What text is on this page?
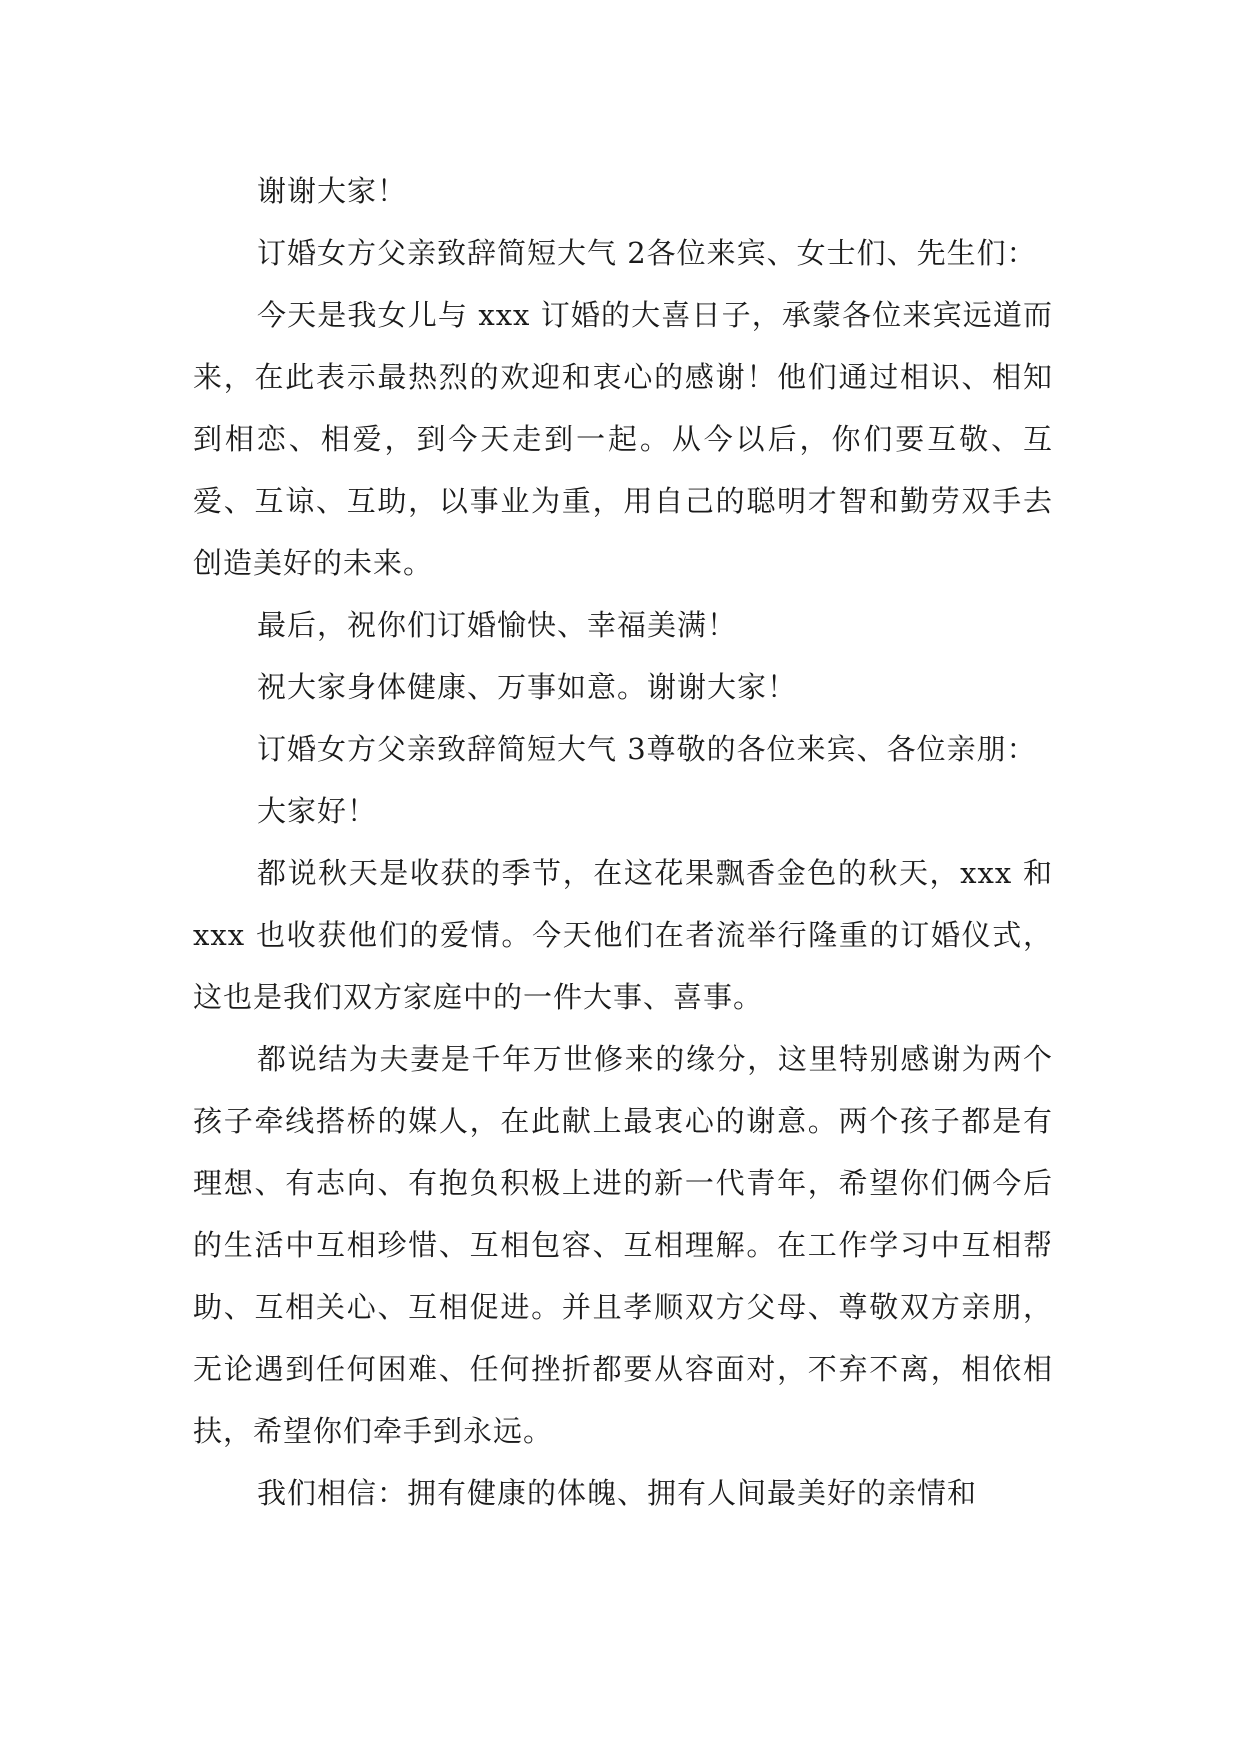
谢谢大家！

订婚女方父亲致辞简短大气 2各位来宾、女士们、先生们：

今天是我女儿与 xxx 订婚的大喜日子，承蒙各位来宾远道而来，在此表示最热烈的欢迎和衷心的感谢！他们通过相识、相知到相恋、相爱，到今天走到一起。从今以后，你们要互敬、互爱、互谅、互助，以事业为重，用自己的聪明才智和勤劳双手去创造美好的未来。

最后，祝你们订婚愉快、幸福美满！

祝大家身体健康、万事如意。谢谢大家！

订婚女方父亲致辞简短大气 3尊敬的各位来宾、各位亲朋：

大家好！

都说秋天是收获的季节，在这花果飘香金色的秋天，xxx 和 xxx 也收获他们的爱情。今天他们在者流举行隆重的订婚仪式，这也是我们双方家庭中的一件大事、喜事。

都说结为夫妻是千年万世修来的缘分，这里特别感谢为两个孩子牵线搭桥的媒人，在此献上最衷心的谢意。两个孩子都是有理想、有志向、有抱负积极上进的新一代青年，希望你们俩今后的生活中互相珍惜、互相包容、互相理解。在工作学习中互相帮助、互相关心、互相促进。并且孝顺双方父母、尊敬双方亲朋，无论遇到任何困难、任何挫折都要从容面对，不弃不离，相依相扶，希望你们牵手到永远。

我们相信：拥有健康的体魄、拥有人间最美好的亲情和
